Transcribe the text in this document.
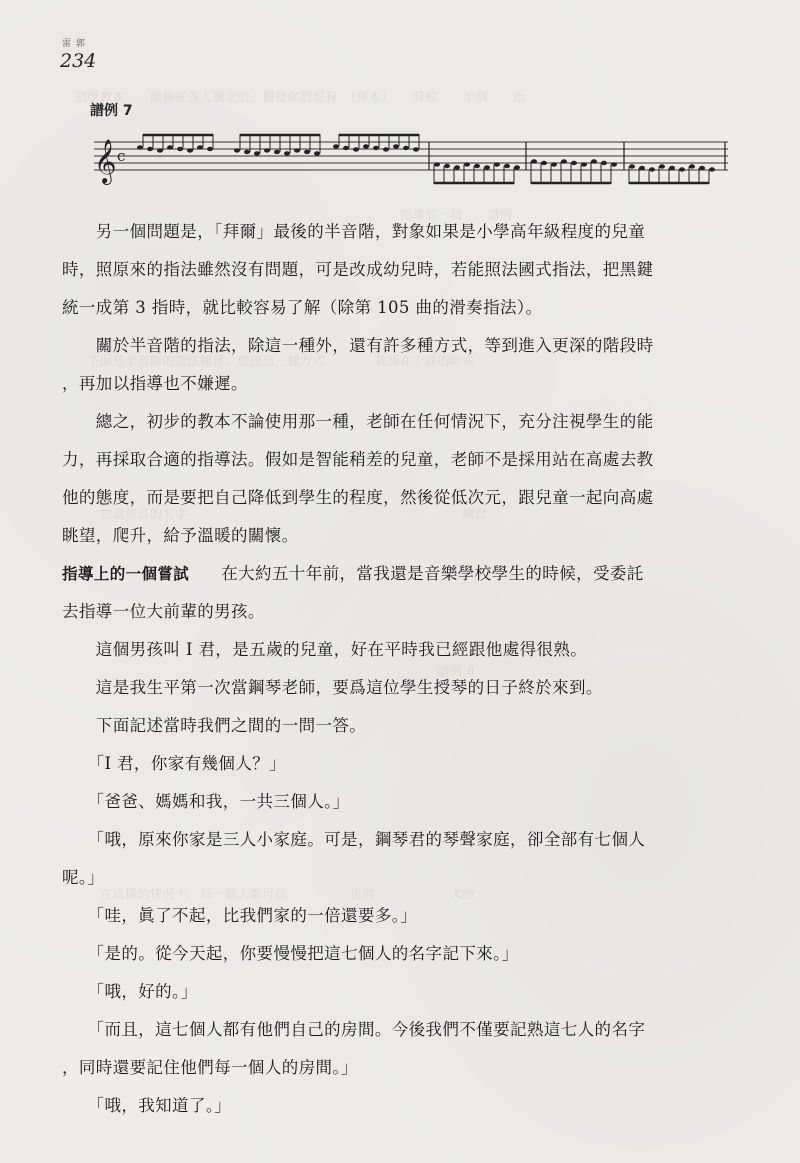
初學教本　　能夠從各人規定的，假使你們很有　（你本）　　時候　　半個　　指
　　　　　　　　　　　　　　　　　　　　　　　　　　指導的一個　　譜例
　下面是半音階的指法練習，依照這一種方式　　　　教師在上課的時候
　　把這些音的名字　　　　　　　　　　　　　　　　　　　　　　練習
　　　　　　　　　　　　　　　　　　　　　　　　　　　　　譜例 8
　　在這樣的情況下，每一個人都可以　　　　　房間　　　　　　大的
雷 郭
234
譜例 7
𝄞 c
　　另一個問題是，「拜爾」最後的半音階，對象如果是小學高年級程度的兒童
時，照原來的指法雖然沒有問題，可是改成幼兒時，若能照法國式指法，把黑鍵
統一成第 3 指時，就比較容易了解（除第 105 曲的滑奏指法）。
　　關於半音階的指法，除這一種外，還有許多種方式，等到進入更深的階段時
，再加以指導也不嫌遲。
　　總之，初步的教本不論使用那一種，老師在任何情況下，充分注視學生的能
力，再採取合適的指導法。假如是智能稍差的兒童，老師不是採用站在高處去教
他的態度，而是要把自己降低到學生的程度，然後從低次元，跟兒童一起向高處
眺望，爬升，給予溫暖的關懷。
指導上的一個嘗試 在大約五十年前，當我還是音樂學校學生的時候，受委託
去指導一位大前輩的男孩。
　　這個男孩叫 I 君，是五歲的兒童，好在平時我已經跟他處得很熟。
　　這是我生平第一次當鋼琴老師，要爲這位學生授琴的日子終於來到。
　　下面記述當時我們之間的一問一答。
　　「I 君，你家有幾個人？」
　　「爸爸、媽媽和我，一共三個人。」
　　「哦，原來你家是三人小家庭。可是，鋼琴君的琴聲家庭，卻全部有七個人
呢。」
　　「哇，眞了不起，比我們家的一倍還要多。」
　　「是的。從今天起，你要慢慢把這七個人的名字記下來。」
　　「哦，好的。」
　　「而且，這七個人都有他們自己的房間。今後我們不僅要記熟這七人的名字
，同時還要記住他們每一個人的房間。」
　　「哦，我知道了。」
